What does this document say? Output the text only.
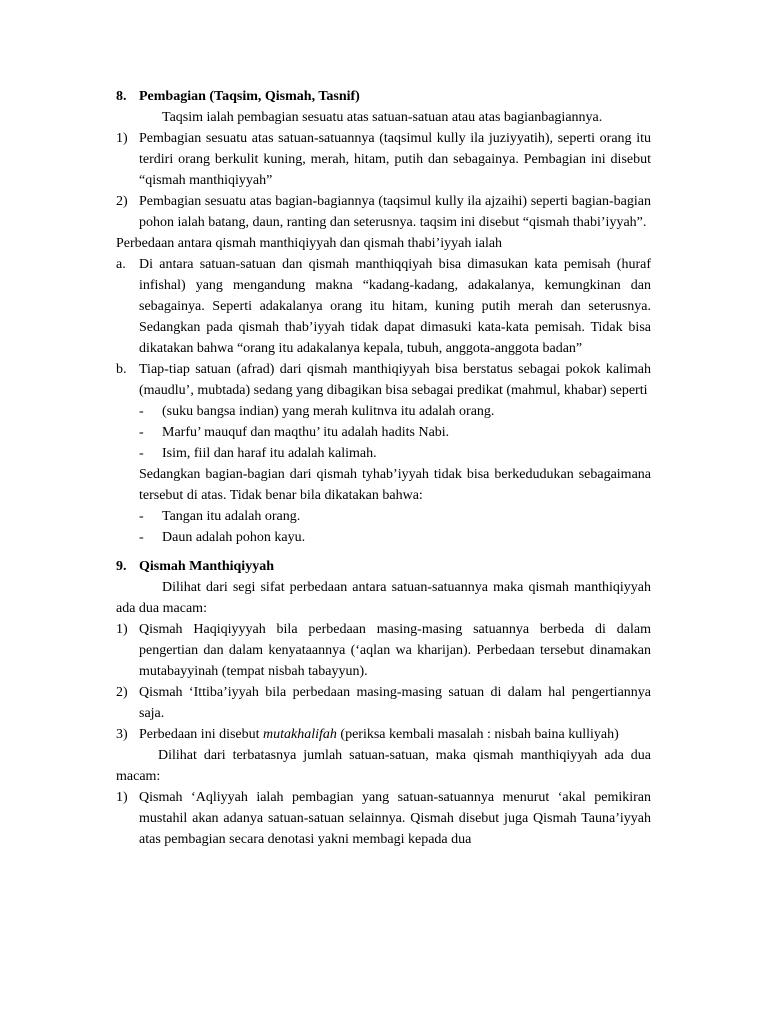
8. Pembagian (Taqsim, Qismah, Tasnif)

Taqsim ialah pembagian sesuatu atas satuan-satuan atau atas bagianbagiannya.

1) Pembagian sesuatu atas satuan-satuannya (taqsimul kully ila juziyyatih), seperti orang itu terdiri orang berkulit kuning, merah, hitam, putih dan sebagainya. Pembagian ini disebut “qismah manthiqiyyah”
2) Pembagian sesuatu atas bagian-bagiannya (taqsimul kully ila ajzaihi) seperti bagian-bagian pohon ialah batang, daun, ranting dan seterusnya. taqsim ini disebut “qismah thabi’iyyah”.

Perbedaan antara qismah manthiqiyyah dan qismah thabi’iyyah ialah

a. Di antara satuan-satuan dan qismah manthiqqiyah bisa dimasukan kata pemisah (huraf infishal) yang mengandung makna “kadang-kadang, adakalanya, kemungkinan dan sebagainya. Seperti adakalanya orang itu hitam, kuning putih merah dan seterusnya. Sedangkan pada qismah thab’iyyah tidak dapat dimasuki kata-kata pemisah. Tidak bisa dikatakan bahwa “orang itu adakalanya kepala, tubuh, anggota-anggota badan”
b. Tiap-tiap satuan (afrad) dari qismah manthiqiyyah bisa berstatus sebagai pokok kalimah (maudlu’, mubtada) sedang yang dibagikan bisa sebagai predikat (mahmul, khabar) seperti
-	(suku bangsa indian) yang merah kulitnva itu adalah orang.
-	Marfu’ mauquf dan maqthu’ itu adalah hadits Nabi.
-	Isim, fiil dan haraf itu adalah kalimah.
Sedangkan bagian-bagian dari qismah tyhab’iyyah tidak bisa berkedudukan sebagaimana tersebut di atas. Tidak benar bila dikatakan bahwa:
-	Tangan itu adalah orang.
-	Daun adalah pohon kayu.
9. Qismah Manthiqiyyah

Dilihat dari segi sifat perbedaan antara satuan-satuannya maka qismah manthiqiyyah ada dua macam:

1) Qismah Haqiqiyyyah bila perbedaan masing-masing satuannya berbeda di dalam pengertian dan dalam kenyataannya (‘aqlan wa kharijan). Perbedaan tersebut dinamakan mutabayyinah (tempat nisbah tabayyun).
2) Qismah ‘Ittiba’iyyah bila perbedaan masing-masing satuan di dalam hal pengertiannya saja.
3) Perbedaan ini disebut mutakhalifah (periksa kembali masalah : nisbah baina kulliyah)

Dilihat dari terbatasnya jumlah satuan-satuan, maka qismah manthiqiyyah ada dua macam:

1) Qismah ‘Aqliyyah ialah pembagian yang satuan-satuannya menurut ‘akal pemikiran mustahil akan adanya satuan-satuan selainnya. Qismah disebut juga Qismah Tauna’iyyah atas pembagian secara denotasi yakni membagi kepada dua
